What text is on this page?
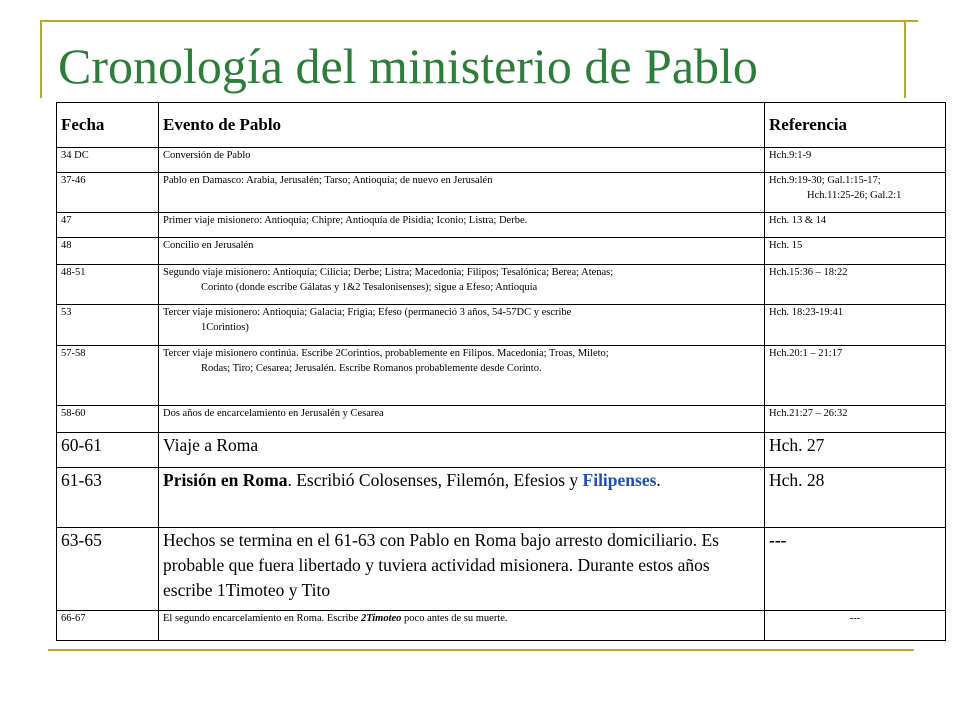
Cronología del ministerio de Pablo
Fecha	Evento de Pablo	Referencia
34 DC	Conversión de Pablo	Hch.9:1-9
37-46	Pablo en Damasco: Arabia, Jerusalén; Tarso; Antioquía; de nuevo en Jerusalén	Hch.9:19-30; Gal.1:15-17;
Hch.11:25-26; Gal.2:1

47	Primer viaje misionero: Antioquía; Chipre; Antioquía de Pisidia; Iconio; Listra; Derbe.	Hch. 13 & 14
48	Concilio en Jerusalén	Hch. 15
48-51	Segundo viaje misionero: Antioquía; Cilicia; Derbe; Listra; Macedonia; Filipos; Tesalónica; Berea; Atenas;
Corinto (donde escribe Gálatas y 1&2 Tesalonisenses); sigue a Efeso; Antioquía	Hch.15:36 – 18:22
53	Tercer viaje misionero: Antioquía; Galacia; Frigia; Efeso (permaneció 3 años, 54-57DC y escribe
1Corintios)	Hch. 18:23-19:41
57-58	Tercer viaje misionero continúa. Escribe 2Corintios, probablemente en Filipos. Macedonia; Troas, Mileto;
Rodas; Tiro; Cesarea; Jerusalén. Escribe Romanos probablemente desde Corinto.	Hch.20:1 – 21:17
58-60	Dos años de encarcelamiento en Jerusalén y Cesarea	Hch.21:27 – 26:32
60-61	Viaje a Roma	Hch. 27
61-63	Prisión en Roma. Escribió Colosenses, Filemón, Efesios y Filipenses.	Hch. 28
63-65	Hechos se termina en el 61-63 con Pablo en Roma bajo arresto domiciliario. Es probable que fuera libertado y tuviera actividad misionera. Durante estos años escribe 1Timoteo y Tito	---
66-67	El segundo encarcelamiento en Roma. Escribe 2Timoteo poco antes de su muerte.	---
